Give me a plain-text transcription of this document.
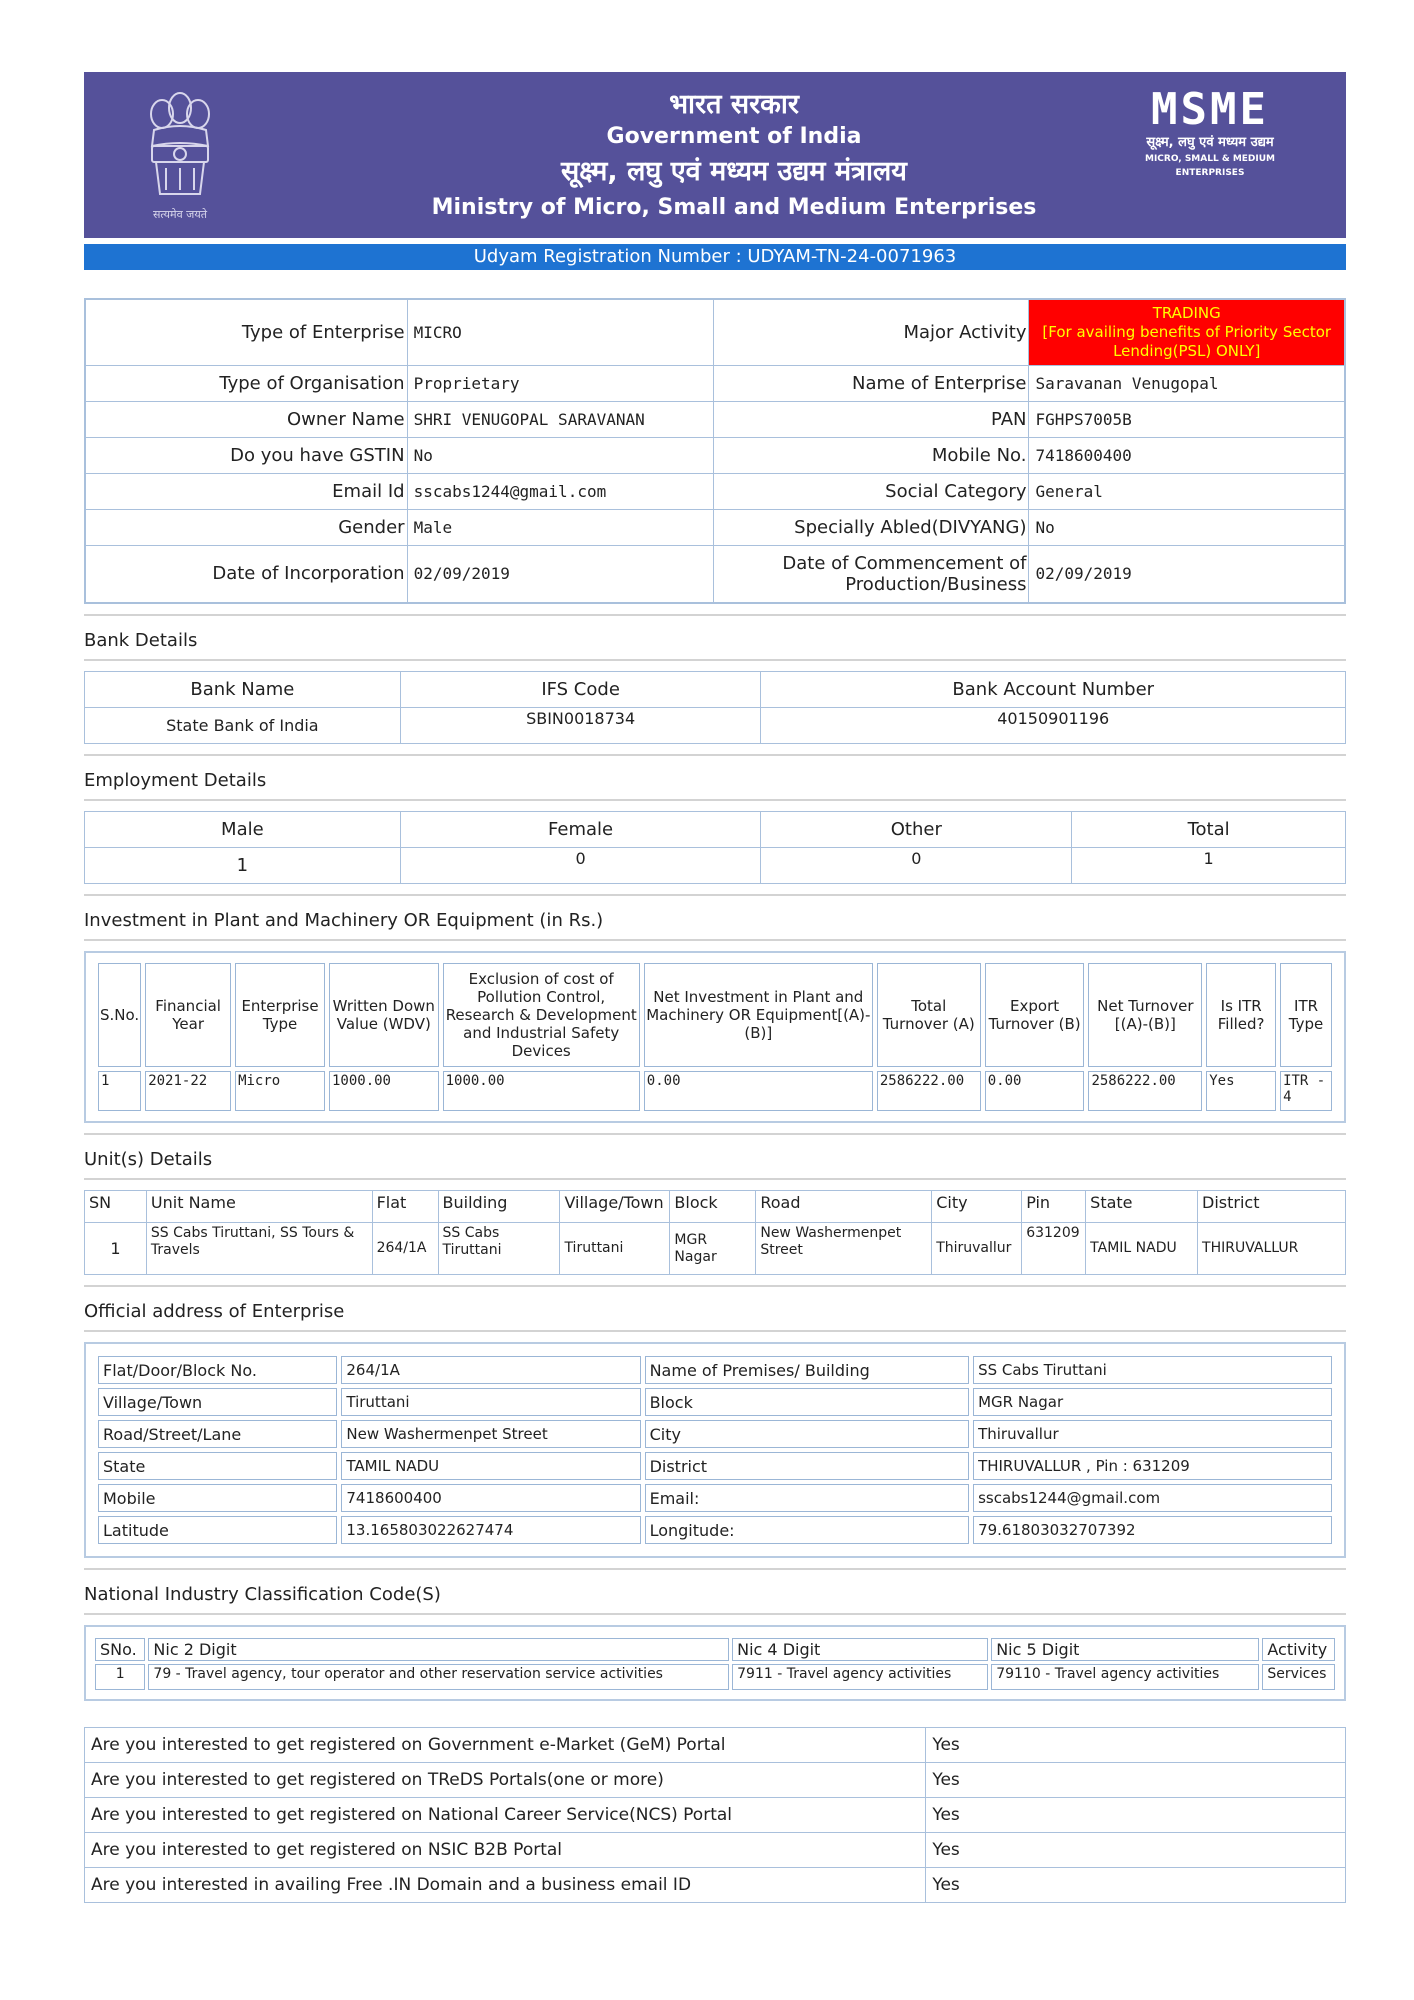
सत्यमेव जयते
भारत सरकार
Government of India
सूक्ष्म, लघु एवं मध्यम उद्यम मंत्रालय
Ministry of Micro, Small and Medium Enterprises
MSME
सूक्ष्म, लघु एवं मध्यम उद्यम
MICRO, SMALL & MEDIUM ENTERPRISES
Udyam Registration Number : UDYAM-TN-24-0071963
Type of Enterprise	MICRO	Major Activity	TRADING
[For availing benefits of Priority Sector Lending(PSL) ONLY]

Type of Organisation	Proprietary	Name of Enterprise	Saravanan Venugopal
Owner Name	SHRI VENUGOPAL SARAVANAN	PAN	FGHPS7005B
Do you have GSTIN	No	Mobile No.	7418600400
Email Id	sscabs1244@gmail.com	Social Category	General
Gender	Male	Specially Abled(DIVYANG)	No
Date of Incorporation	02/09/2019	Date of Commencement of Production/Business	02/09/2019
Bank Details
Bank Name	IFS Code	Bank Account Number
State Bank of India	SBIN0018734	40150901196
Employment Details
Male	Female	Other	Total
1	0	0	1
Investment in Plant and Machinery OR Equipment (in Rs.)
S.No.	Financial Year	Enterprise Type	Written Down Value (WDV)	Exclusion of cost of Pollution Control, Research & Development and Industrial Safety Devices	Net Investment in Plant and Machinery OR Equipment[(A)-(B)]	Total Turnover (A)	Export Turnover (B)	Net Turnover [(A)-(B)]	Is ITR Filled?	ITR Type
1	2021-22	Micro	1000.00	1000.00	0.00	2586222.00	0.00	2586222.00	Yes	ITR - 4
Unit(s) Details
SN	Unit Name	Flat	Building	Village/Town	Block	Road	City	Pin	State	District
1	SS Cabs Tiruttani, SS Tours & Travels	264/1A	SS Cabs Tiruttani	Tiruttani	MGR Nagar	New Washermenpet Street	Thiruvallur	631209	TAMIL NADU	THIRUVALLUR
Official address of Enterprise
Flat/Door/Block No.	264/1A	Name of Premises/ Building	SS Cabs Tiruttani
Village/Town	Tiruttani	Block	MGR Nagar
Road/Street/Lane	New Washermenpet Street	City	Thiruvallur
State	TAMIL NADU	District	THIRUVALLUR , Pin : 631209
Mobile	7418600400	Email:	sscabs1244@gmail.com
Latitude	13.165803022627474	Longitude:	79.61803032707392
National Industry Classification Code(S)
SNo.	Nic 2 Digit	Nic 4 Digit	Nic 5 Digit	Activity
1	79 - Travel agency, tour operator and other reservation service activities	7911 - Travel agency activities	79110 - Travel agency activities	Services
Are you interested to get registered on Government e-Market (GeM) Portal	Yes
Are you interested to get registered on TReDS Portals(one or more)	Yes
Are you interested to get registered on National Career Service(NCS) Portal	Yes
Are you interested to get registered on NSIC B2B Portal	Yes
Are you interested in availing Free .IN Domain and a business email ID	Yes
